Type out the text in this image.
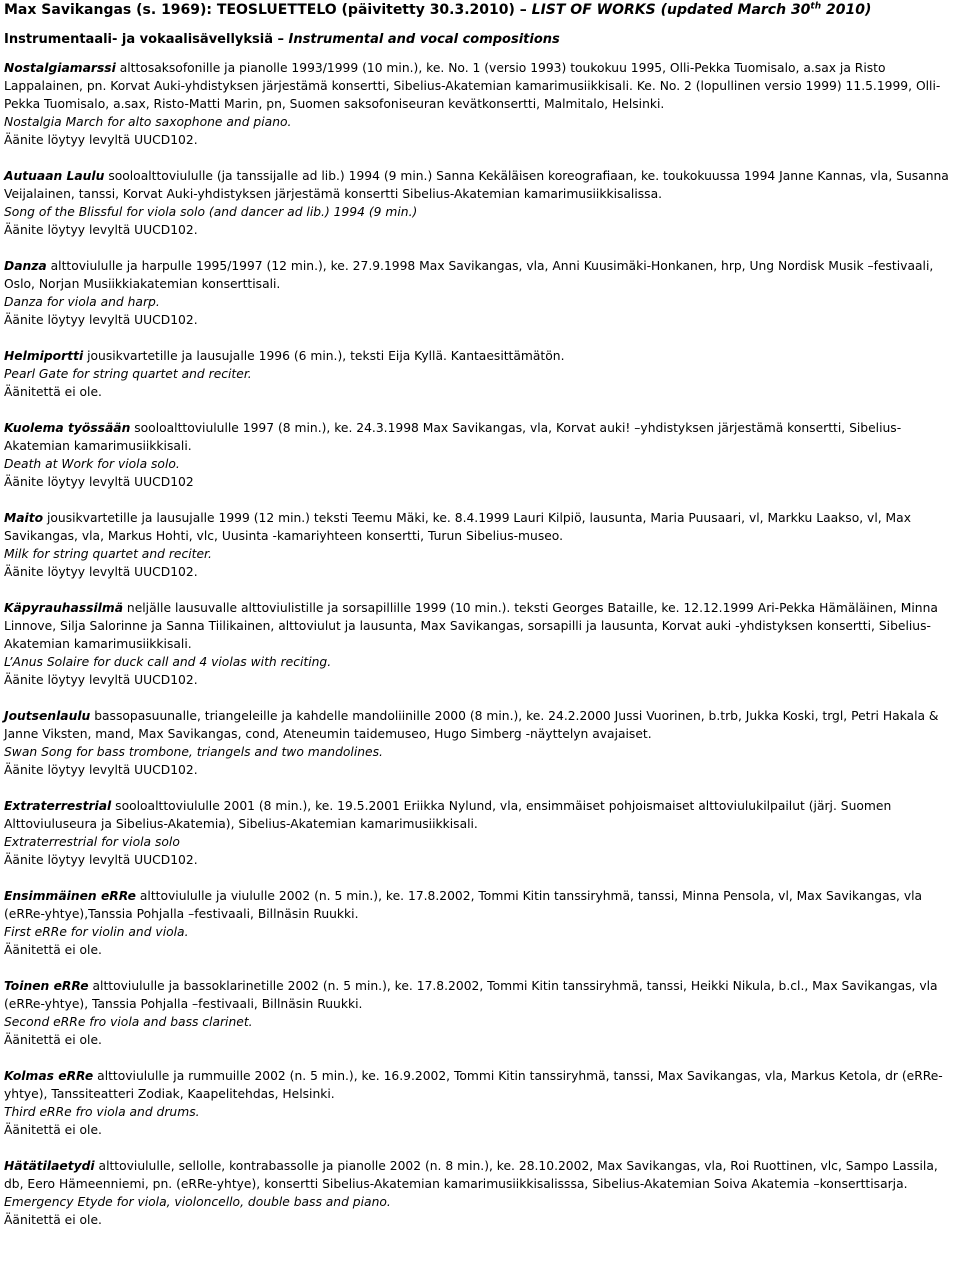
Max Savikangas (s. 1969): TEOSLUETTELO (päivitetty 30.3.2010) – LIST OF WORKS (updated March 30th 2010)

Instrumentaali- ja vokaalisävellyksiä – Instrumental and vocal compositions

Nostalgiamarssi alttosaksofonille ja pianolle 1993/1999 (10 min.), ke. No. 1 (versio 1993) toukokuu 1995, Olli-Pekka Tuomisalo, a.sax ja Risto Lappalainen, pn. Korvat Auki-yhdistyksen järjestämä konsertti, Sibelius-Akatemian kamarimusiikkisali. Ke. No. 2 (lopullinen versio 1999) 11.5.1999, Olli-Pekka Tuomisalo, a.sax, Risto-Matti Marin, pn, Suomen saksofoniseuran kevätkonsertti, Malmitalo, Helsinki.

Nostalgia March for alto saxophone and piano.

Äänite löytyy levyltä UUCD102.

Autuaan Laulu sooloalttoviululle (ja tanssijalle ad lib.) 1994 (9 min.) Sanna Kekäläisen koreografiaan, ke. toukokuussa 1994 Janne Kannas, vla, Susanna Veijalainen, tanssi, Korvat Auki-yhdistyksen järjestämä konsertti Sibelius-Akatemian kamarimusiikkisalissa.

Song of the Blissful for viola solo (and dancer ad lib.) 1994 (9 min.)

Äänite löytyy levyltä UUCD102.

Danza alttoviululle ja harpulle 1995/1997 (12 min.), ke. 27.9.1998 Max Savikangas, vla, Anni Kuusimäki-Honkanen, hrp, Ung Nordisk Musik –festivaali, Oslo, Norjan Musiikkiakatemian konserttisali.

Danza for viola and harp.

Äänite löytyy levyltä UUCD102.

Helmiportti jousikvartetille ja lausujalle 1996 (6 min.), teksti Eija Kyllä. Kantaesittämätön.

Pearl Gate for string quartet and reciter.

Äänitettä ei ole.

Kuolema työssään sooloalttoviululle 1997 (8 min.), ke. 24.3.1998 Max Savikangas, vla, Korvat auki! –yhdistyksen järjestämä konsertti, Sibelius-Akatemian kamarimusiikkisali.

Death at Work for viola solo.

Äänite löytyy levyltä UUCD102

Maito jousikvartetille ja lausujalle 1999 (12 min.) teksti Teemu Mäki, ke. 8.4.1999 Lauri Kilpiö, lausunta, Maria Puusaari, vl, Markku Laakso, vl, Max Savikangas, vla, Markus Hohti, vlc, Uusinta -kamariyhteen konsertti, Turun Sibelius-museo.

Milk for string quartet and reciter.

Äänite löytyy levyltä UUCD102.

Käpyrauhassilmä neljälle lausuvalle alttoviulistille ja sorsapillille 1999 (10 min.). teksti Georges Bataille, ke. 12.12.1999 Ari-Pekka Hämäläinen, Minna Linnove, Silja Salorinne ja Sanna Tiilikainen, alttoviulut ja lausunta, Max Savikangas, sorsapilli ja lausunta, Korvat auki -yhdistyksen konsertti, Sibelius-Akatemian kamarimusiikkisali.

L’Anus Solaire for duck call and 4 violas with reciting.

Äänite löytyy levyltä UUCD102.

Joutsenlaulu bassopasuunalle, triangeleille ja kahdelle mandoliinille 2000 (8 min.), ke. 24.2.2000 Jussi Vuorinen, b.trb, Jukka Koski, trgl, Petri Hakala & Janne Viksten, mand, Max Savikangas, cond, Ateneumin taidemuseo, Hugo Simberg -näyttelyn avajaiset.

Swan Song for bass trombone, triangels and two mandolines.

Äänite löytyy levyltä UUCD102.

Extraterrestrial sooloalttoviululle 2001 (8 min.), ke. 19.5.2001 Eriikka Nylund, vla, ensimmäiset pohjoismaiset alttoviulukilpailut (järj. Suomen Alttoviuluseura ja Sibelius-Akatemia), Sibelius-Akatemian kamarimusiikkisali.

Extraterrestrial for viola solo

Äänite löytyy levyltä UUCD102.

Ensimmäinen eRRe alttoviululle ja viululle 2002 (n. 5 min.), ke. 17.8.2002, Tommi Kitin tanssiryhmä, tanssi, Minna Pensola, vl, Max Savikangas, vla (eRRe-yhtye),Tanssia Pohjalla –festivaali, Billnäsin Ruukki.

First eRRe for violin and viola.

Äänitettä ei ole.

Toinen eRRe alttoviululle ja bassoklarinetille 2002 (n. 5 min.), ke. 17.8.2002, Tommi Kitin tanssiryhmä, tanssi, Heikki Nikula, b.cl., Max Savikangas, vla (eRRe-yhtye), Tanssia Pohjalla –festivaali, Billnäsin Ruukki.

Second eRRe fro viola and bass clarinet.

Äänitettä ei ole.

Kolmas eRRe alttoviululle ja rummuille 2002 (n. 5 min.), ke. 16.9.2002, Tommi Kitin tanssiryhmä, tanssi, Max Savikangas, vla, Markus Ketola, dr (eRRe-yhtye), Tanssiteatteri Zodiak, Kaapelitehdas, Helsinki.

Third eRRe fro viola and drums.

Äänitettä ei ole.

Hätätilaetydi alttoviululle, sellolle, kontrabassolle ja pianolle 2002 (n. 8 min.), ke. 28.10.2002, Max Savikangas, vla, Roi Ruottinen, vlc, Sampo Lassila, db, Eero Hämeenniemi, pn. (eRRe-yhtye), konsertti Sibelius-Akatemian kamarimusiikkisalisssa, Sibelius-Akatemian Soiva Akatemia –konserttisarja.

Emergency Etyde for viola, violoncello, double bass and piano.

Äänitettä ei ole.
